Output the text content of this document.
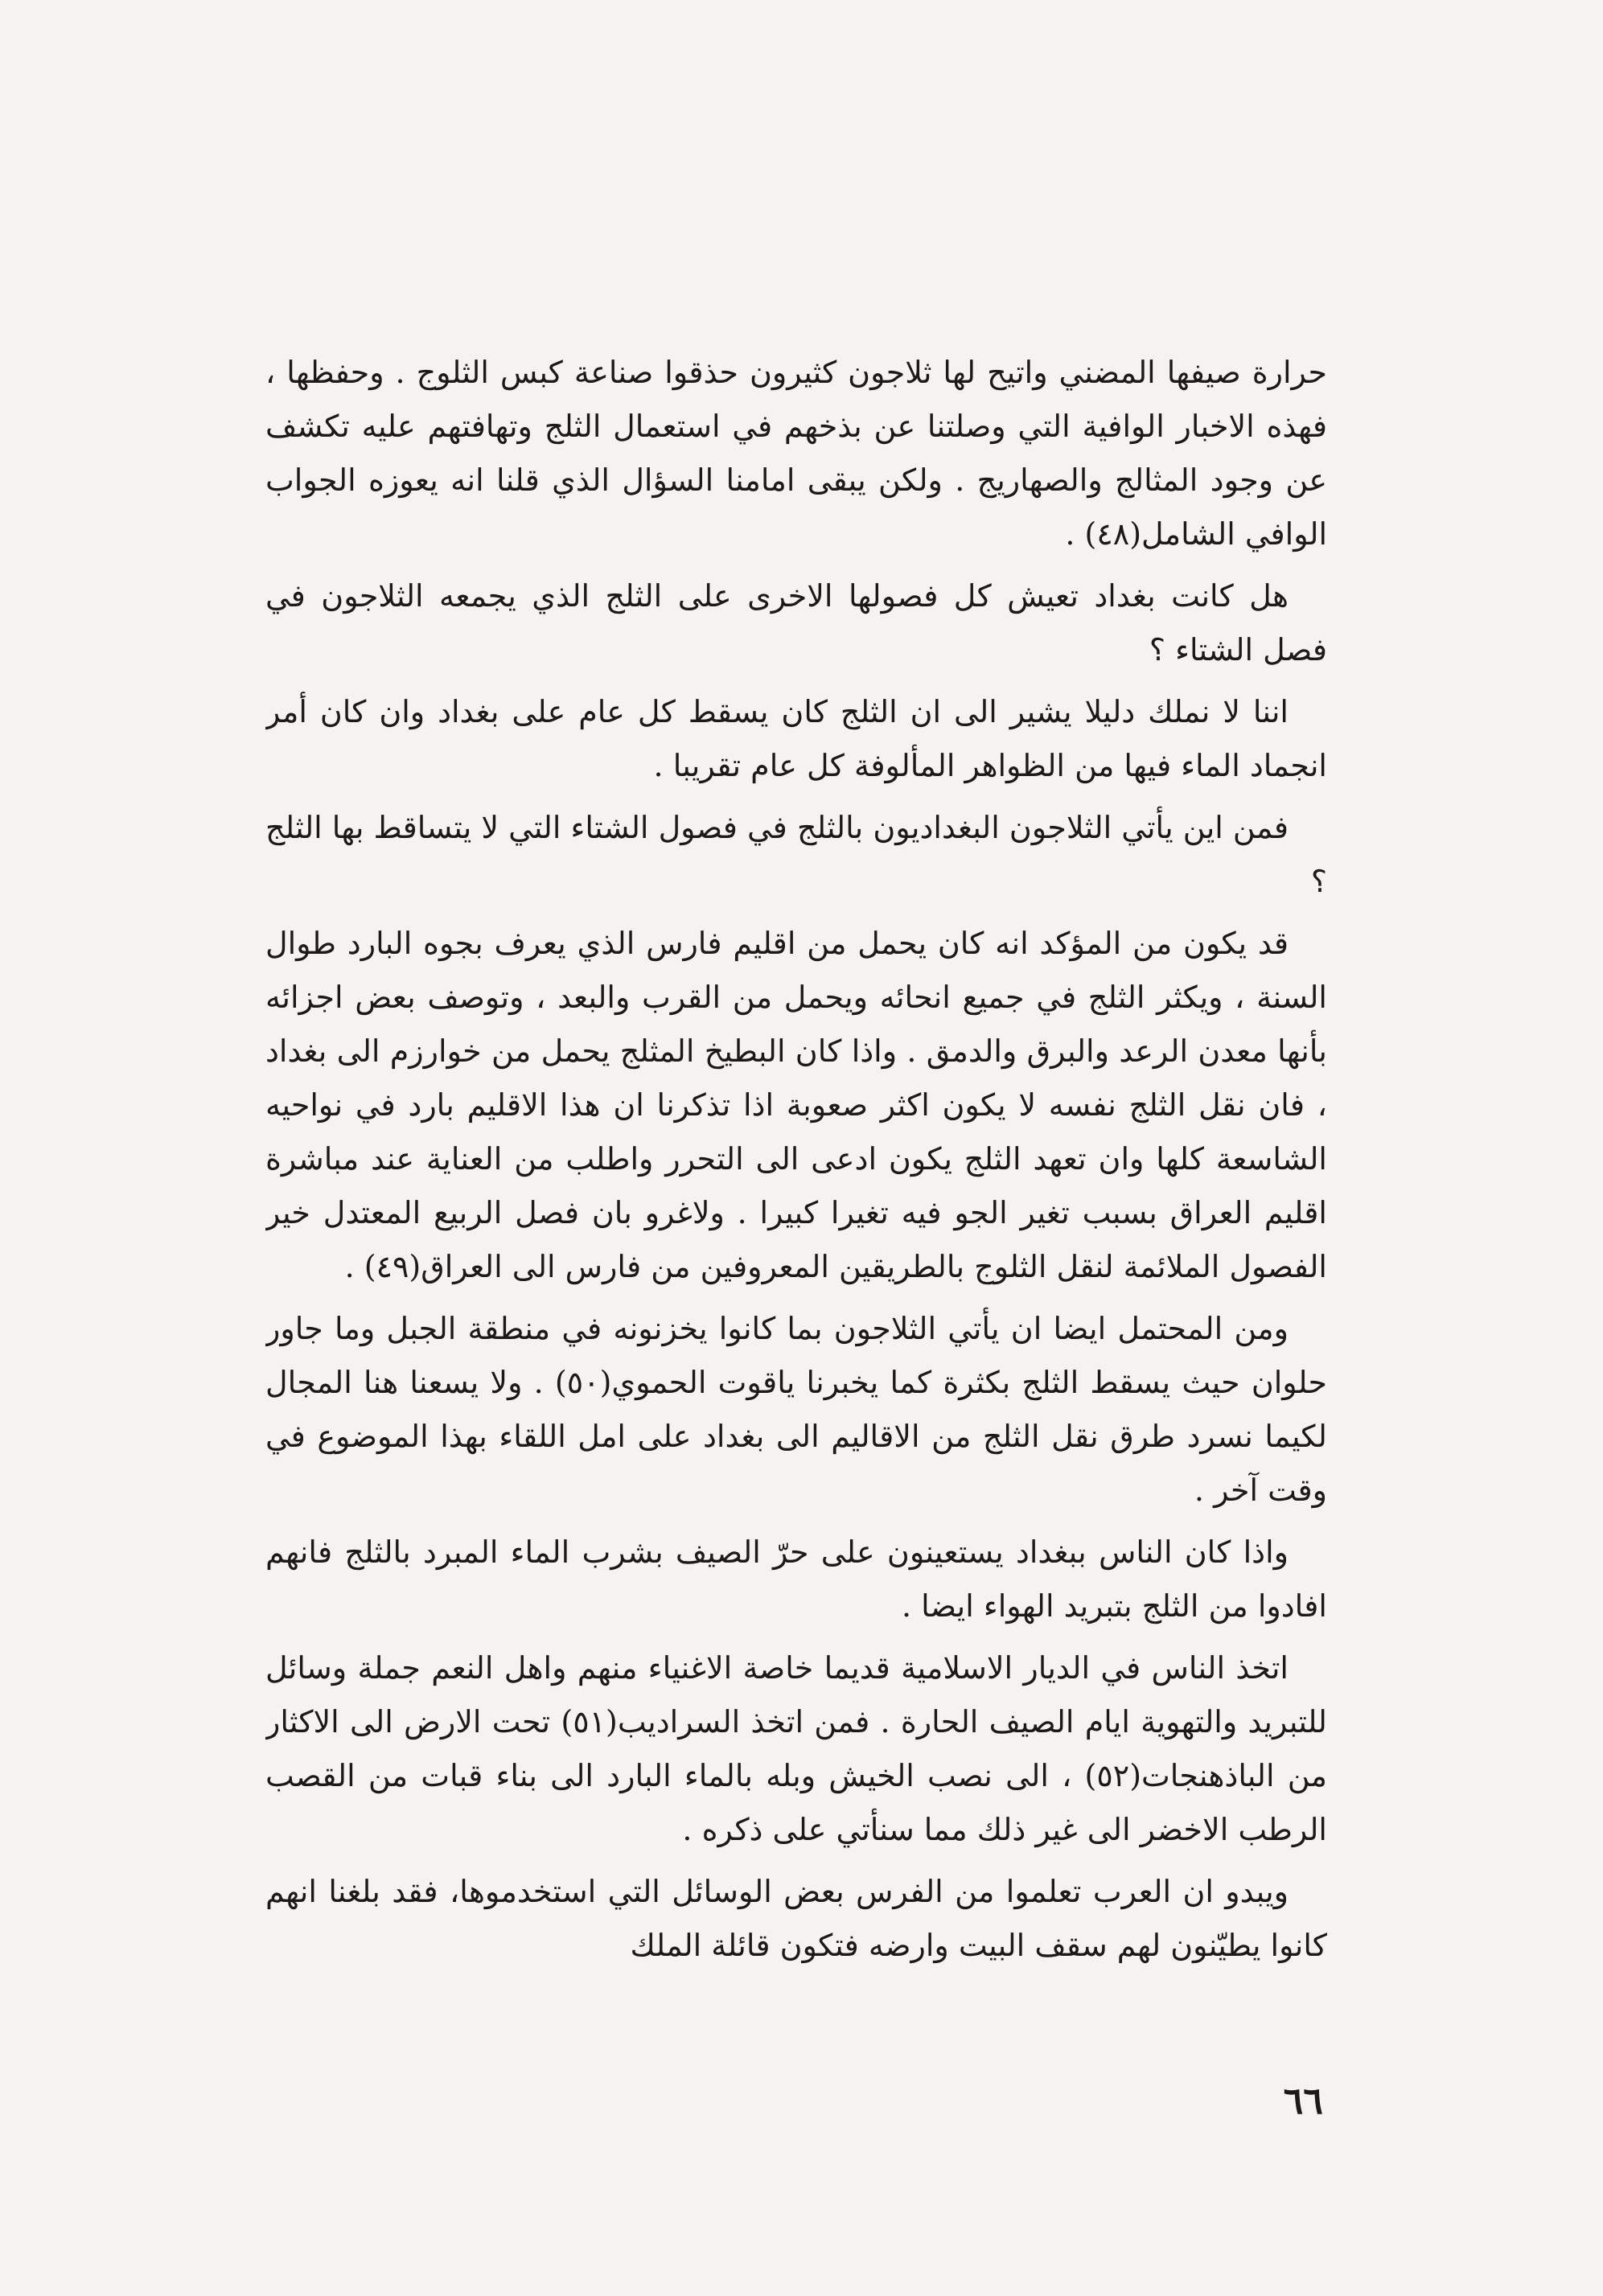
حرارة صيفها المضني واتيح لها ثلاجون كثيرون حذقوا صناعة كبس الثلوج . وحفظها ، فهذه الاخبار الوافية التي وصلتنا عن بذخهم في استعمال الثلج وتهافتهم عليه تكشف عن وجود المثالج والصهاريج . ولكن يبقى امامنا السؤال الذي قلنا انه يعوزه الجواب الوافي الشامل(٤٨) .

هل كانت بغداد تعيش كل فصولها الاخرى على الثلج الذي يجمعه الثلاجون في فصل الشتاء ؟

اننا لا نملك دليلا يشير الى ان الثلج كان يسقط كل عام على بغداد وان كان أمر انجماد الماء فيها من الظواهر المألوفة كل عام تقريبا .

فمن اين يأتي الثلاجون البغداديون بالثلج في فصول الشتاء التي لا يتساقط بها الثلج ؟

قد يكون من المؤكد انه كان يحمل من اقليم فارس الذي يعرف بجوه البارد طوال السنة ، ويكثر الثلج في جميع انحائه ويحمل من القرب والبعد ، وتوصف بعض اجزائه بأنها معدن الرعد والبرق والدمق . واذا كان البطيخ المثلج يحمل من خوارزم الى بغداد ، فان نقل الثلج نفسه لا يكون اكثر صعوبة اذا تذكرنا ان هذا الاقليم بارد في نواحيه الشاسعة كلها وان تعهد الثلج يكون ادعى الى التحرر واطلب من العناية عند مباشرة اقليم العراق بسبب تغير الجو فيه تغيرا كبيرا . ولاغرو بان فصل الربيع المعتدل خير الفصول الملائمة لنقل الثلوج بالطريقين المعروفين من فارس الى العراق(٤٩) .

ومن المحتمل ايضا ان يأتي الثلاجون بما كانوا يخزنونه في منطقة الجبل وما جاور حلوان حيث يسقط الثلج بكثرة كما يخبرنا ياقوت الحموي(٥٠) . ولا يسعنا هنا المجال لكيما نسرد طرق نقل الثلج من الاقاليم الى بغداد على امل اللقاء بهذا الموضوع في وقت آخر .

واذا كان الناس ببغداد يستعينون على حرّ الصيف بشرب الماء المبرد بالثلج فانهم افادوا من الثلج بتبريد الهواء ايضا .

اتخذ الناس في الديار الاسلامية قديما خاصة الاغنياء منهم واهل النعم جملة وسائل للتبريد والتهوية ايام الصيف الحارة . فمن اتخذ السراديب(٥١) تحت الارض الى الاكثار من الباذهنجات(٥٢) ، الى نصب الخيش وبله بالماء البارد الى بناء قبات من القصب الرطب الاخضر الى غير ذلك مما سنأتي على ذكره .

ويبدو ان العرب تعلموا من الفرس بعض الوسائل التي استخدموها، فقد بلغنا انهم كانوا يطيّنون لهم سقف البيت وارضه فتكون قائلة الملك

٦٦
